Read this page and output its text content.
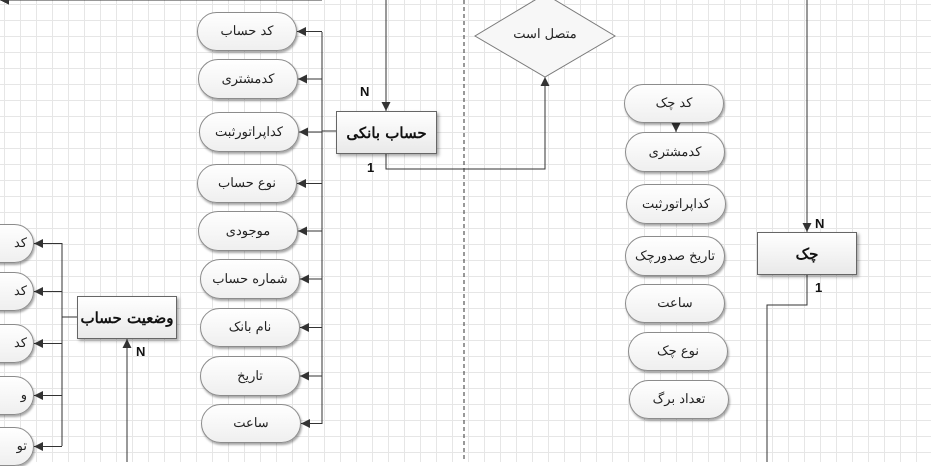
متصل است
حساب بانکی
N
1
کد حساب
کدمشتری
کداپراتورثبت
نوع حساب
موجودی
شماره حساب
نام بانک
تاریخ
ساعت
چک
N
1
کد چک
کدمشتری
کداپراتورثبت
تاریخ صدورچک
ساعت
نوع چک
تعداد برگ
وضعیت حساب
N
کد
کد
کد
و
تو
